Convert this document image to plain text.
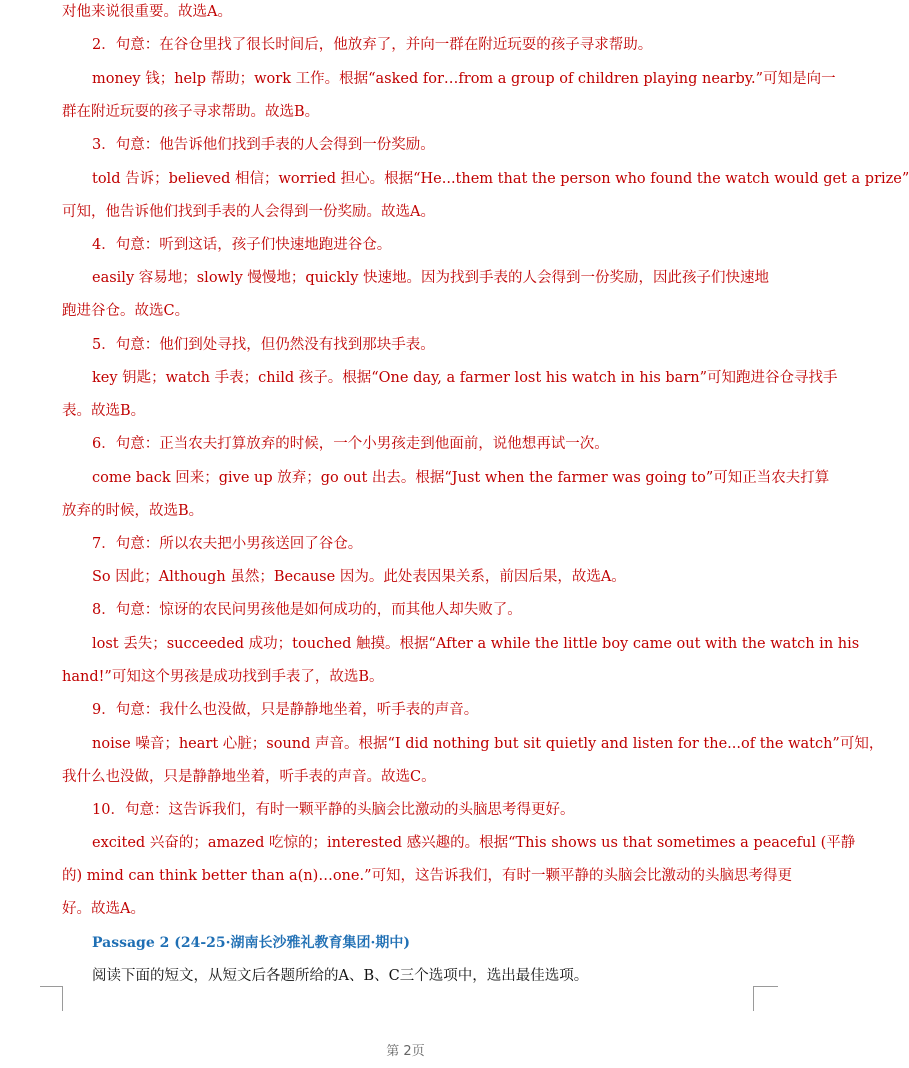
对他来说很重要。故选A。
2．句意：在谷仓里找了很长时间后，他放弃了，并向一群在附近玩耍的孩子寻求帮助。
money 钱；help 帮助；work 工作。根据“asked for…from a group of children playing nearby.”可知是向一
群在附近玩耍的孩子寻求帮助。故选B。
3．句意：他告诉他们找到手表的人会得到一份奖励。
told 告诉；believed 相信；worried 担心。根据“He...them that the person who found the watch would get a prize”
可知，他告诉他们找到手表的人会得到一份奖励。故选A。
4．句意：听到这话，孩子们快速地跑进谷仓。
easily 容易地；slowly 慢慢地；quickly 快速地。因为找到手表的人会得到一份奖励，因此孩子们快速地
跑进谷仓。故选C。
5．句意：他们到处寻找，但仍然没有找到那块手表。
key 钥匙；watch 手表；child 孩子。根据“One day, a farmer lost his watch in his barn”可知跑进谷仓寻找手
表。故选B。
6．句意：正当农夫打算放弃的时候，一个小男孩走到他面前，说他想再试一次。
come back 回来；give up 放弃；go out 出去。根据“Just when the farmer was going to”可知正当农夫打算
放弃的时候，故选B。
7．句意：所以农夫把小男孩送回了谷仓。
So 因此；Although 虽然；Because 因为。此处表因果关系，前因后果，故选A。
8．句意：惊讶的农民问男孩他是如何成功的，而其他人却失败了。
lost 丢失；succeeded 成功；touched 触摸。根据“After a while the little boy came out with the watch in his
hand!”可知这个男孩是成功找到手表了，故选B。
9．句意：我什么也没做，只是静静地坐着，听手表的声音。
noise 噪音；heart 心脏；sound 声音。根据“I did nothing but sit quietly and listen for the...of the watch”可知，
我什么也没做，只是静静地坐着，听手表的声音。故选C。
10．句意：这告诉我们，有时一颗平静的头脑会比激动的头脑思考得更好。
excited 兴奋的；amazed 吃惊的；interested 感兴趣的。根据“This shows us that sometimes a peaceful (平静
的) mind can think better than a(n)…one.”可知，这告诉我们，有时一颗平静的头脑会比激动的头脑思考得更
好。故选A。
Passage 2 (24-25·湖南长沙雅礼教育集团·期中)
阅读下面的短文，从短文后各题所给的A、B、C三个选项中，选出最佳选项。
第 2页
